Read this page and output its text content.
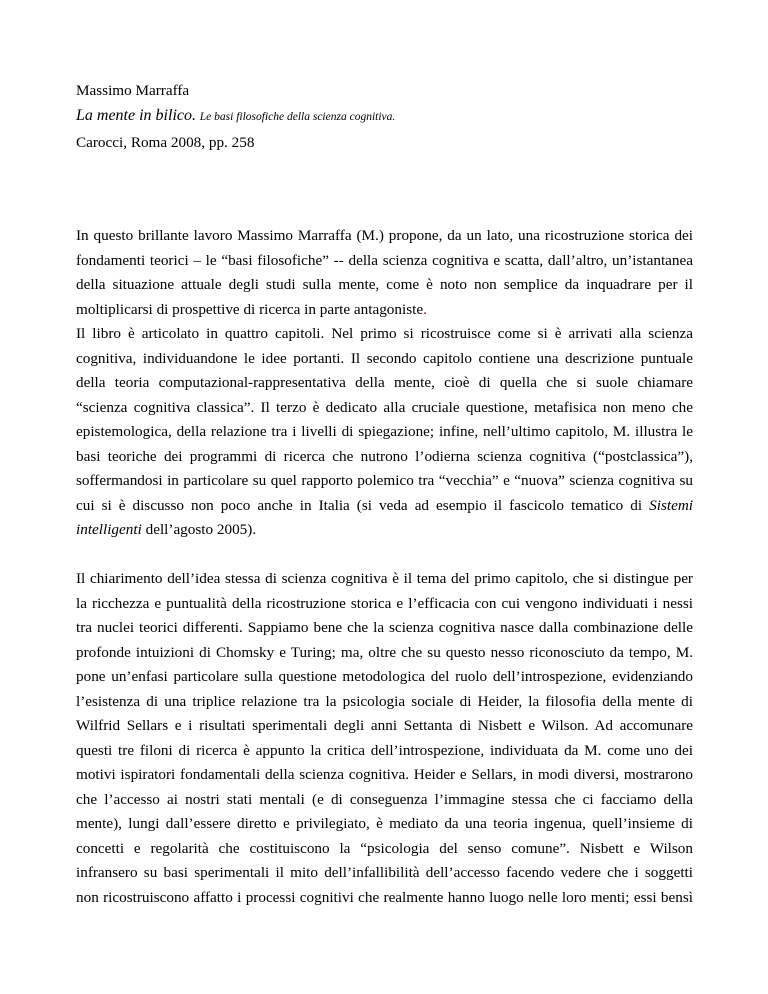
Massimo Marraffa

La mente in bilico. Le basi filosofiche della scienza cognitiva.

Carocci, Roma 2008, pp. 258

In questo brillante lavoro Massimo Marraffa (M.) propone, da un lato, una ricostruzione storica dei
fondamenti teorici – le “basi filosofiche” -- della scienza cognitiva e scatta, dall’altro, un’istantanea
della situazione attuale degli studi sulla mente, come è noto non semplice da inquadrare per il
moltiplicarsi di prospettive di ricerca in parte antagoniste.
Il libro è articolato in quattro capitoli. Nel primo si ricostruisce come si è arrivati alla scienza
cognitiva, individuandone le idee portanti. Il secondo capitolo contiene una descrizione puntuale
della teoria computazional-rappresentativa della mente, cioè di quella che si suole chiamare
“scienza cognitiva classica”. Il terzo è dedicato alla cruciale questione, metafisica non meno che
epistemologica, della relazione tra i livelli di spiegazione; infine, nell’ultimo capitolo, M. illustra le
basi teoriche dei programmi di ricerca che nutrono l’odierna scienza cognitiva (“postclassica”),
soffermandosi in particolare su quel rapporto polemico tra “vecchia” e “nuova” scienza cognitiva su
cui si è discusso non poco anche in Italia (si veda ad esempio il fascicolo tematico di Sistemi
intelligenti dell’agosto 2005).
Il chiarimento dell’idea stessa di scienza cognitiva è il tema del primo capitolo, che si distingue per
la ricchezza e puntualità della ricostruzione storica e l’efficacia con cui vengono individuati i nessi
tra nuclei teorici differenti. Sappiamo bene che la scienza cognitiva nasce dalla combinazione delle
profonde intuizioni di Chomsky e Turing; ma, oltre che su questo nesso riconosciuto da tempo, M.
pone un’enfasi particolare sulla questione metodologica del ruolo dell’introspezione, evidenziando
l’esistenza di una triplice relazione tra la psicologia sociale di Heider, la filosofia della mente di
Wilfrid Sellars e i risultati sperimentali degli anni Settanta di Nisbett e Wilson. Ad accomunare
questi tre filoni di ricerca è appunto la critica dell’introspezione, individuata da M. come uno dei
motivi ispiratori fondamentali della scienza cognitiva. Heider e Sellars, in modi diversi, mostrarono
che l’accesso ai nostri stati mentali (e di conseguenza l’immagine stessa che ci facciamo della
mente), lungi dall’essere diretto e privilegiato, è mediato da una teoria ingenua, quell’insieme di
concetti e regolarità che costituiscono la “psicologia del senso comune”. Nisbett e Wilson
infransero su basi sperimentali il mito dell’infallibilità dell’accesso facendo vedere che i soggetti
non ricostruiscono affatto i processi cognitivi che realmente hanno luogo nelle loro menti; essi bensì
